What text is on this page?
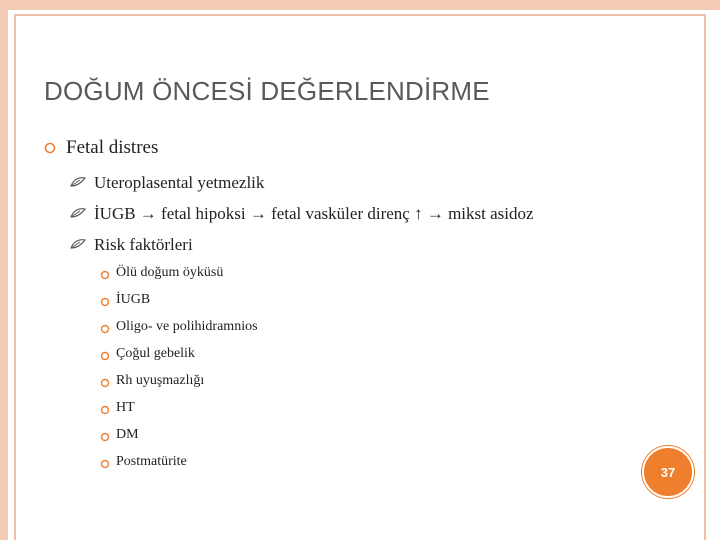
DOĞUM ÖNCESİ DEĞERLENDİRME
Fetal distres
Uteroplasental yetmezlik
İUGB → fetal hipoksi → fetal vasküler direnç ↑ → mikst asidoz
Risk faktörleri
Ölü doğum öyküsü
İUGB
Oligo- ve polihidramnios
Çoğul gebelik
Rh uyuşmazlığı
HT
DM
Postmatürite
37
